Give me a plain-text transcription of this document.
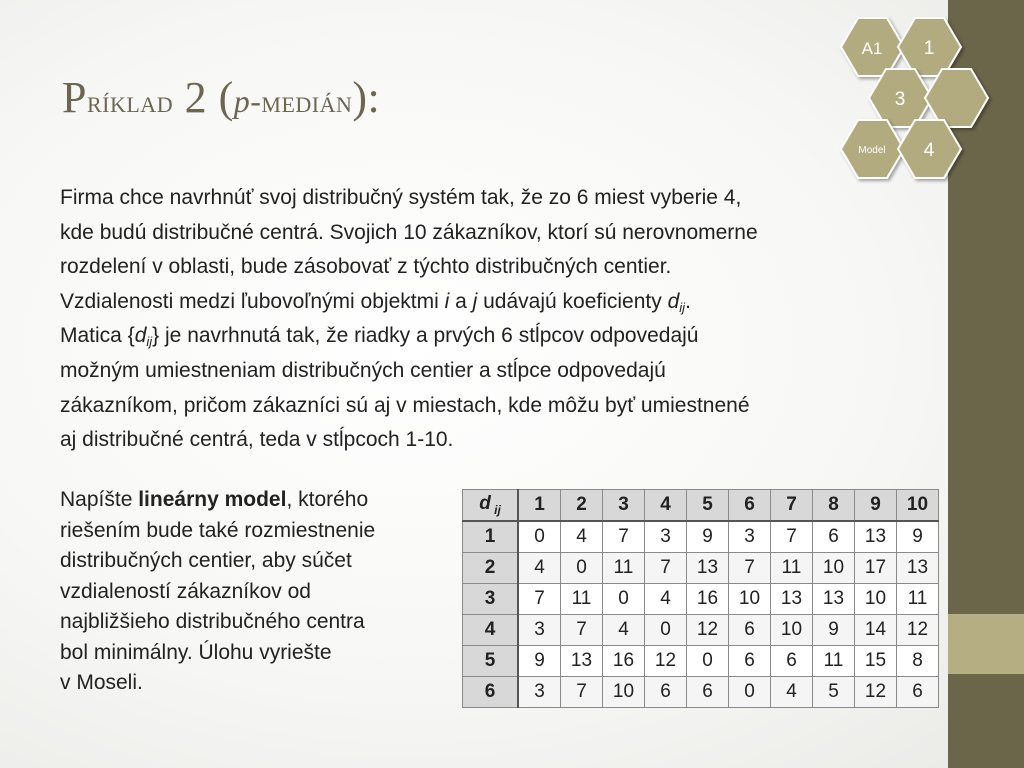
A1 1
3
Model 4
Príklad 2 (p-medián):

Firma chce navrhnúť svoj distribučný systém tak, že zo 6 miest vyberie 4,

kde budú distribučné centrá. Svojich 10 zákazníkov, ktorí sú nerovnomerne

rozdelení v oblasti, bude zásobovať z týchto distribučných centier.

Vzdialenosti medzi ľubovoľnými objektmi i a j udávajú koeficienty $d_{ij}$.

Matica $\{d_{ij}\}$ je navrhnutá tak, že riadky a prvých 6 stĺpcov odpovedajú

možným umiestneniam distribučných centier a stĺpce odpovedajú

zákazníkom, pričom zákazníci sú aj v miestach, kde môžu byť umiestnené

aj distribučné centrá, teda v stĺpcoch 1-10.

Napíšte lineárny model, ktorého

riešením bude také rozmiestnenie

distribučných centier, aby súčet

vzdialeností zákazníkov od

najbližšieho distribučného centra

bol minimálny. Úlohu vyriešte

v Moseli.

d $_{ij}$	1	2	3	4	5	6	7	8	9	10
1	0	4	7	3	9	3	7	6	13	9
2	4	0	11	7	13	7	11	10	17	13
3	7	11	0	4	16	10	13	13	10	11
4	3	7	4	0	12	6	10	9	14	12
5	9	13	16	12	0	6	6	11	15	8
6	3	7	10	6	6	0	4	5	12	6
